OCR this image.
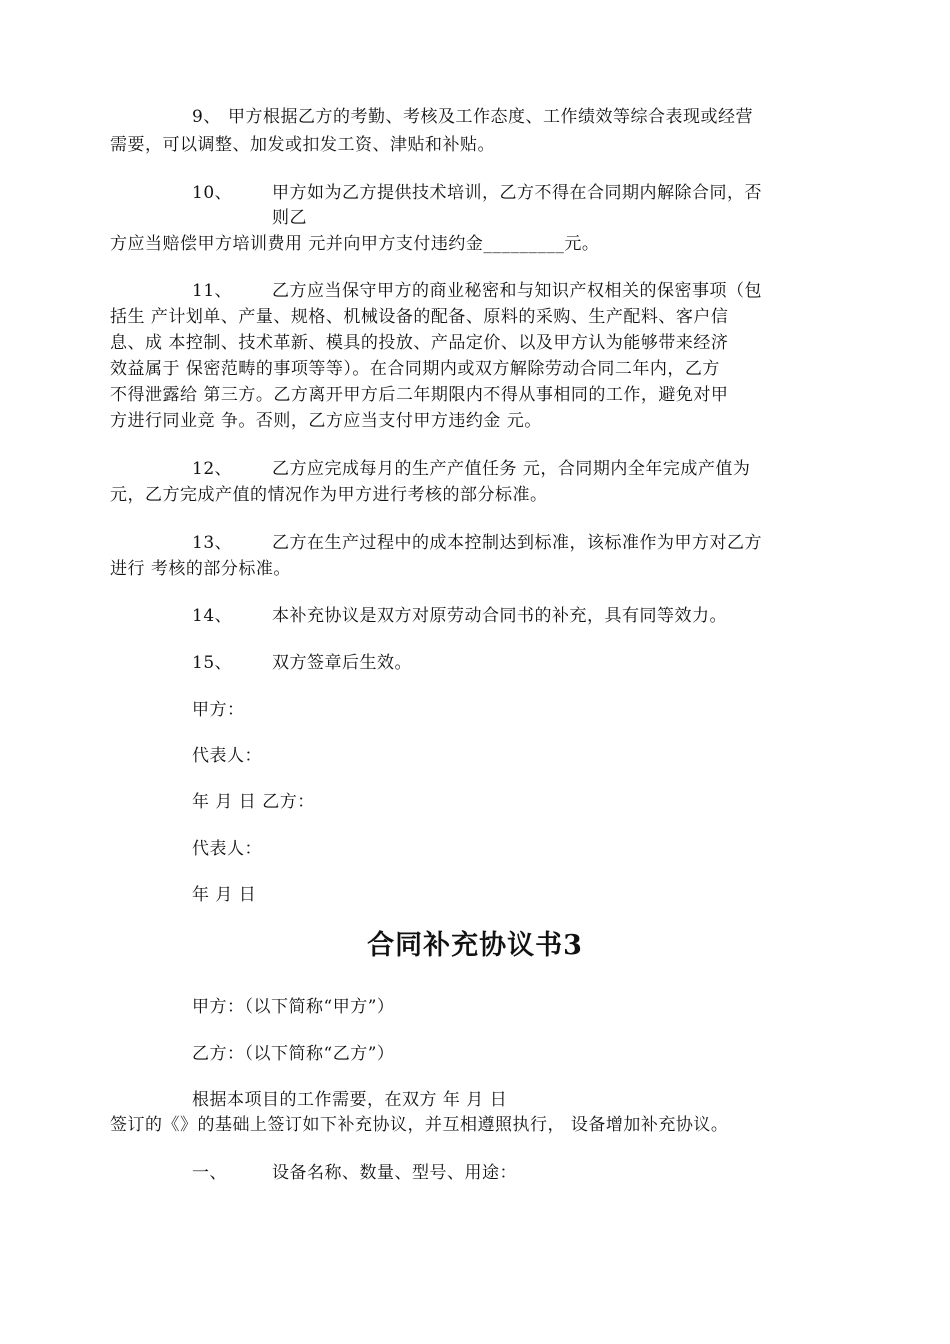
9、 甲方根据乙方的考勤、考核及工作态度、工作绩效等综合表现或经营
需要，可以调整、加发或扣发工资、津贴和补贴。
10、 甲方如为乙方提供技术培训，乙方不得在合同期内解除合同，否
则乙
方应当赔偿甲方培训费用 元并向甲方支付违约金_________元。
11、 乙方应当保守甲方的商业秘密和与知识产权相关的保密事项（包
括生 产计划单、产量、规格、机械设备的配备、原料的采购、生产配料、客户信
息、成 本控制、技术革新、模具的投放、产品定价、以及甲方认为能够带来经济
效益属于 保密范畴的事项等等）。在合同期内或双方解除劳动合同二年内，乙方
不得泄露给 第三方。乙方离开甲方后二年期限内不得从事相同的工作，避免对甲
方进行同业竞 争。否则，乙方应当支付甲方违约金 元。
12、 乙方应完成每月的生产产值任务 元，合同期内全年完成产值为
元，乙方完成产值的情况作为甲方进行考核的部分标准。
13、 乙方在生产过程中的成本控制达到标准，该标准作为甲方对乙方
进行 考核的部分标准。
14、 本补充协议是双方对原劳动合同书的补充，具有同等效力。
15、 双方签章后生效。
甲方：
代表人：
年 月 日 乙方：
代表人：
年 月 日
合同补充协议书3
甲方：（以下简称“甲方”）
乙方：（以下简称“乙方”）
根据本项目的工作需要，在双方 年 月 日
签订的《》的基础上签订如下补充协议，并互相遵照执行， 设备增加补充协议。
一、	设备名称、数量、型号、用途：
